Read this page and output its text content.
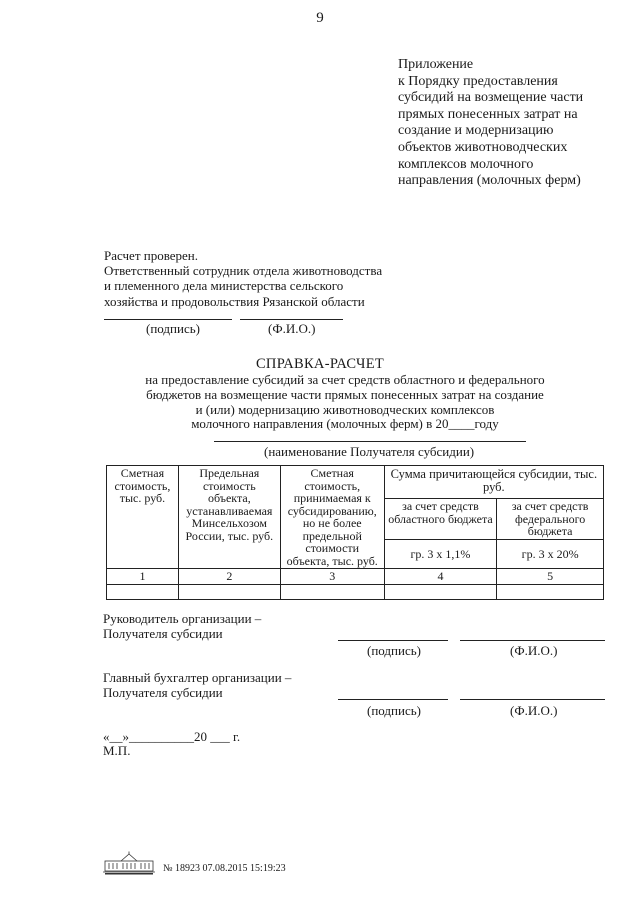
9
Приложение
к Порядку предоставления
субсидий на возмещение части
прямых понесенных затрат на
создание и модернизацию
объектов животноводческих
комплексов молочного
направления (молочных ферм)
Расчет проверен.
Ответственный сотрудник отдела животноводства
и племенного дела министерства сельского
хозяйства и продовольствия Рязанской области
(подпись)	(Ф.И.О.)
СПРАВКА-РАСЧЕТ
на предоставление субсидий за счет средств областного и федерального
бюджетов на возмещение части прямых понесенных затрат на создание
и (или) модернизацию животноводческих комплексов
молочного направления (молочных ферм) в 20____году
(наименование Получателя субсидии)
Сметная стоимость, тыс. руб.	Предельная стоимость объекта, устанавливаемая Минсельхозом России, тыс. руб.	Сметная стоимость, принимаемая к субсидированию, но не более предельной стоимости объекта, тыс. руб.	Сумма причитающейся субсидии, тыс. руб.	
			за счет средств областного бюджета	за счет средств федерального бюджета
			гр. 3 х 1,1%	гр. 3 х 20%
1	2	3	4	5

Руководитель организации –
Получателя субсидии
(подпись)	(Ф.И.О.)
Главный бухгалтер организации –
Получателя субсидии
(подпись)	(Ф.И.О.)
«__»__________20 ___ г.
М.П.
№ 18923 07.08.2015 15:19:23
